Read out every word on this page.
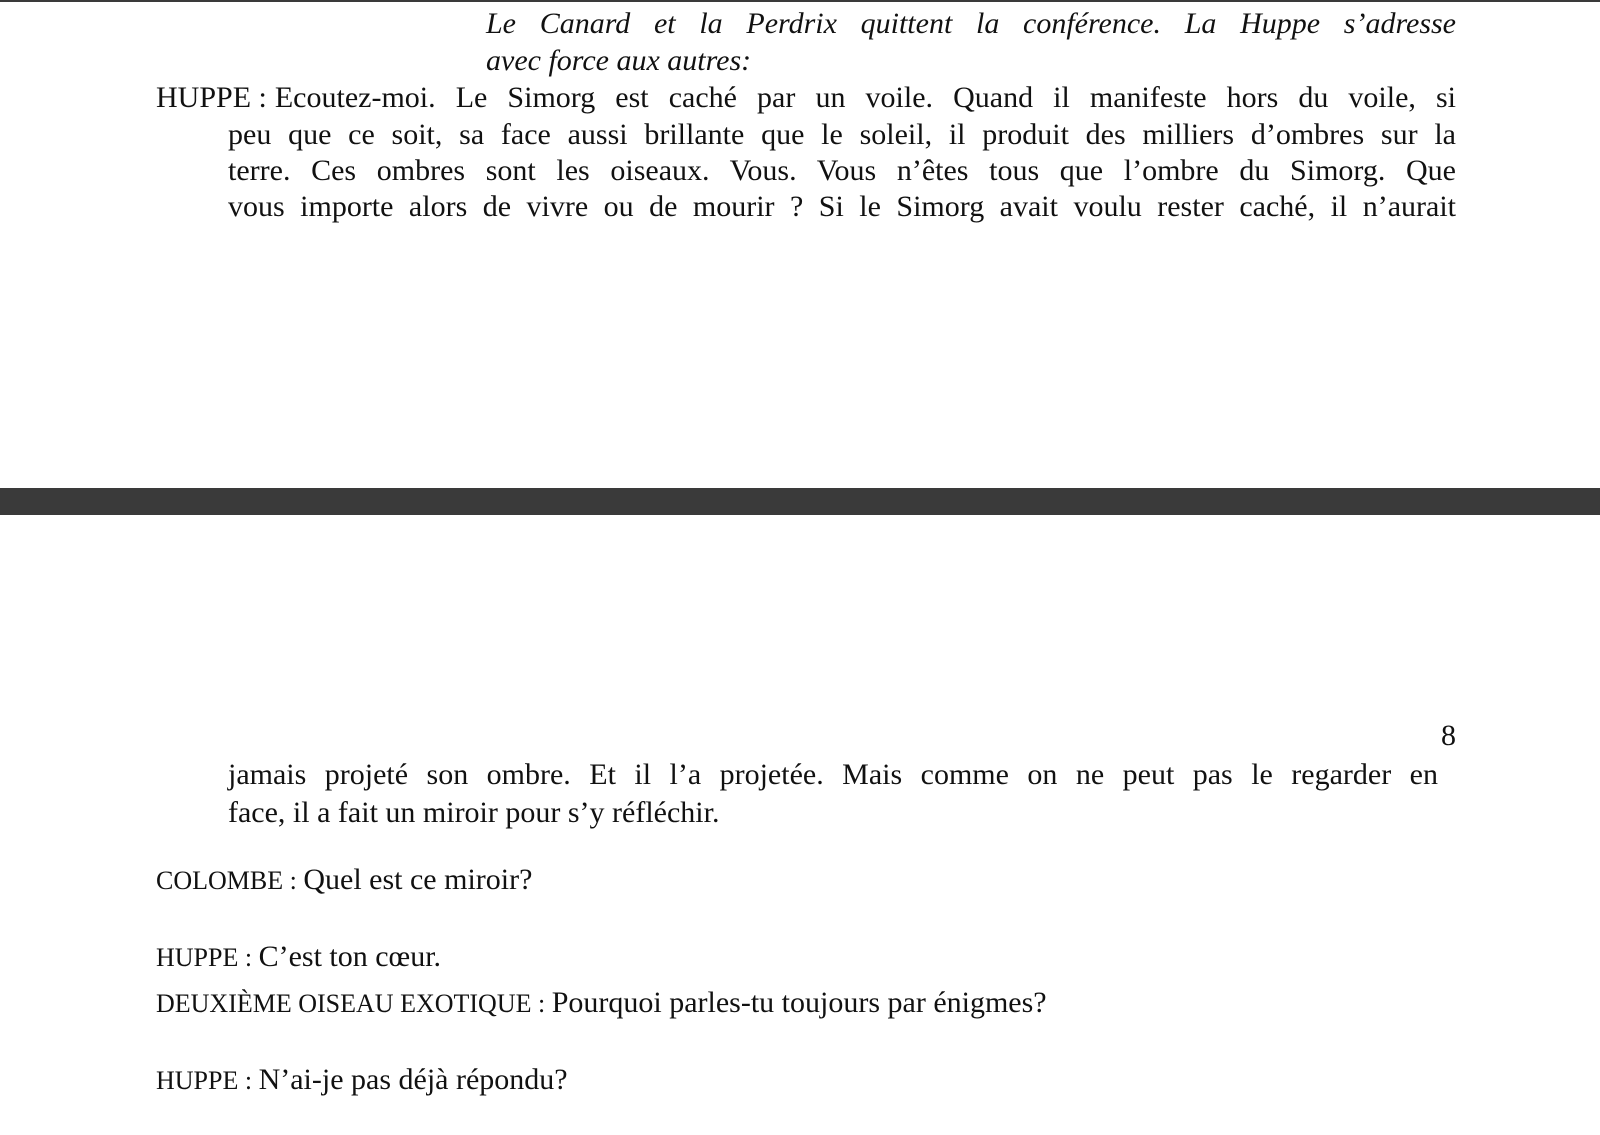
Le Canard et la Perdrix quittent la conférence. La Huppe s’adresse
avec force aux autres:
HUPPE : Ecoutez-moi. Le Simorg est caché par un voile. Quand il manifeste hors du voile, si
peu que ce soit, sa face aussi brillante que le soleil, il produit des milliers d’ombres sur la
terre. Ces ombres sont les oiseaux. Vous. Vous n’êtes tous que l’ombre du Simorg. Que
vous importe alors de vivre ou de mourir ? Si le Simorg avait voulu rester caché, il n’aurait
8
jamais projeté son ombre. Et il l’a projetée. Mais comme on ne peut pas le regarder en
face, il a fait un miroir pour s’y réfléchir.
COLOMBE : Quel est ce miroir?
HUPPE : C’est ton cœur.
DEUXIÈME OISEAU EXOTIQUE : Pourquoi parles-tu toujours par énigmes?
HUPPE : N’ai-je pas déjà répondu?
